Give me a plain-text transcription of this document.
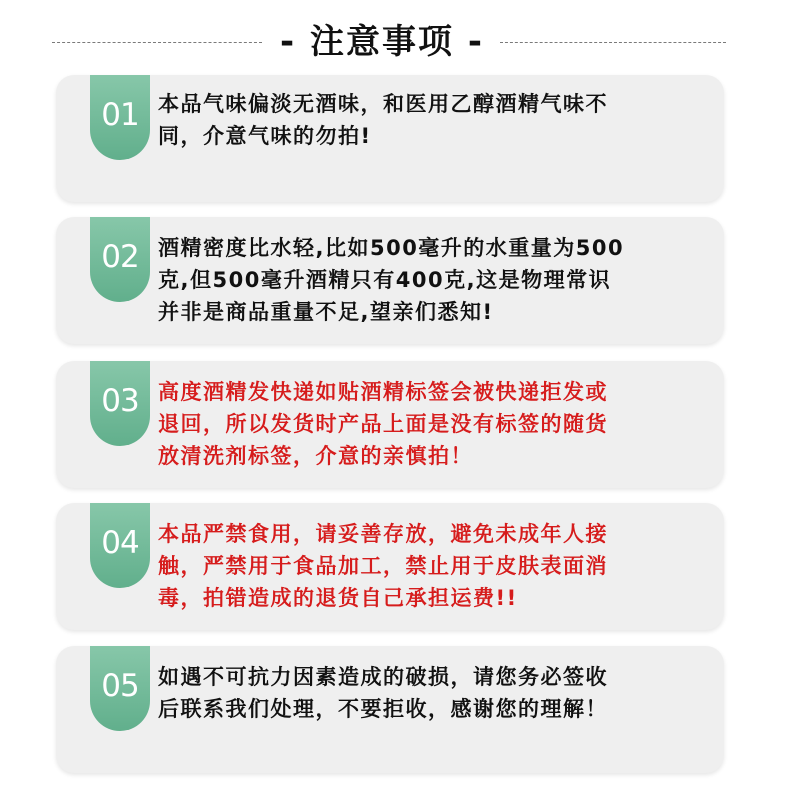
- 注意事项 -
01 本品气味偏淡无酒味，和医用乙醇酒精气味不
同，介意气味的勿拍!
02 酒精密度比水轻,比如500毫升的水重量为500
克,但500毫升酒精只有400克,这是物理常识
并非是商品重量不足,望亲们悉知!
03 高度酒精发快递如贴酒精标签会被快递拒发或
退回，所以发货时产品上面是没有标签的随货
放清洗剂标签，介意的亲慎拍！
04 本品严禁食用，请妥善存放，避免未成年人接
触，严禁用于食品加工，禁止用于皮肤表面消
毒，拍错造成的退货自己承担运费!!
05 如遇不可抗力因素造成的破损，请您务必签收
后联系我们处理，不要拒收，感谢您的理解！
